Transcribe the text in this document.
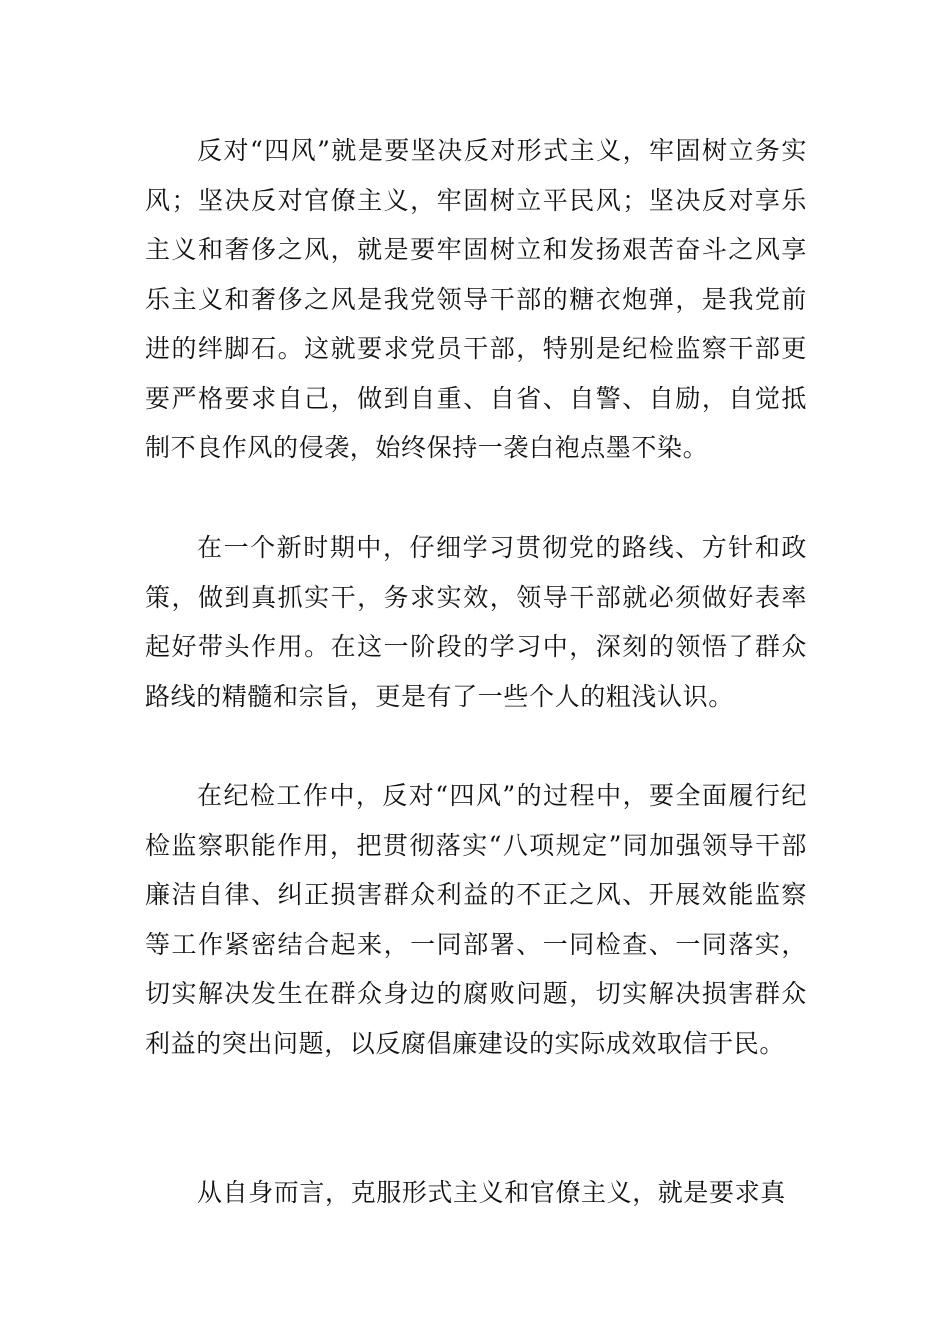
反对“四风”就是要坚决反对形式主义，牢固树立务实风；坚决反对官僚主义，牢固树立平民风；坚决反对享乐主义和奢侈之风，就是要牢固树立和发扬艰苦奋斗之风享乐主义和奢侈之风是我党领导干部的糖衣炮弹，是我党前进的绊脚石。这就要求党员干部，特别是纪检监察干部更要严格要求自己，做到自重、自省、自警、自励，自觉抵制不良作风的侵袭，始终保持一袭白袍点墨不染。

在一个新时期中，仔细学习贯彻党的路线、方针和政策，做到真抓实干，务求实效，领导干部就必须做好表率起好带头作用。在这一阶段的学习中，深刻的领悟了群众路线的精髓和宗旨，更是有了一些个人的粗浅认识。

在纪检工作中，反对“四风”的过程中，要全面履行纪检监察职能作用，把贯彻落实“八项规定”同加强领导干部廉洁自律、纠正损害群众利益的不正之风、开展效能监察等工作紧密结合起来，一同部署、一同检查、一同落实，切实解决发生在群众身边的腐败问题，切实解决损害群众利益的突出问题，以反腐倡廉建设的实际成效取信于民。

从自身而言，克服形式主义和官僚主义，就是要求真
